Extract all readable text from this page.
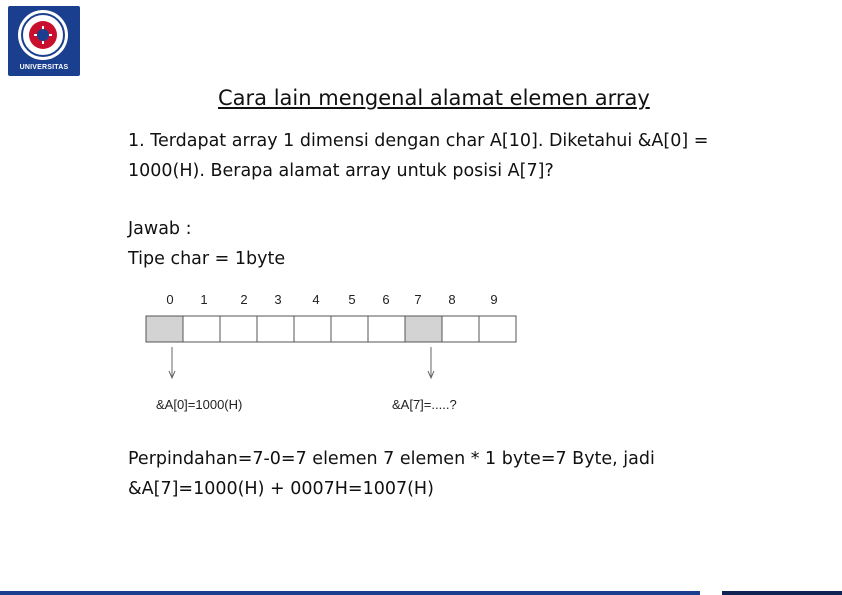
UNIVERSITAS
Cara lain mengenal alamat elemen array
1. Terdapat array 1 dimensi dengan char A[10]. Diketahui &A[0] =
1000(H). Berapa alamat array untuk posisi A[7]?
Jawab :
Tipe char = 1byte
0 1	2 3 4 5 6 7 8	9
&A[0]=1000(H)	&A[7]=.....?
Perpindahan=7-0=7 elemen 7 elemen * 1 byte=7 Byte, jadi
&A[7]=1000(H) + 0007H=1007(H)
